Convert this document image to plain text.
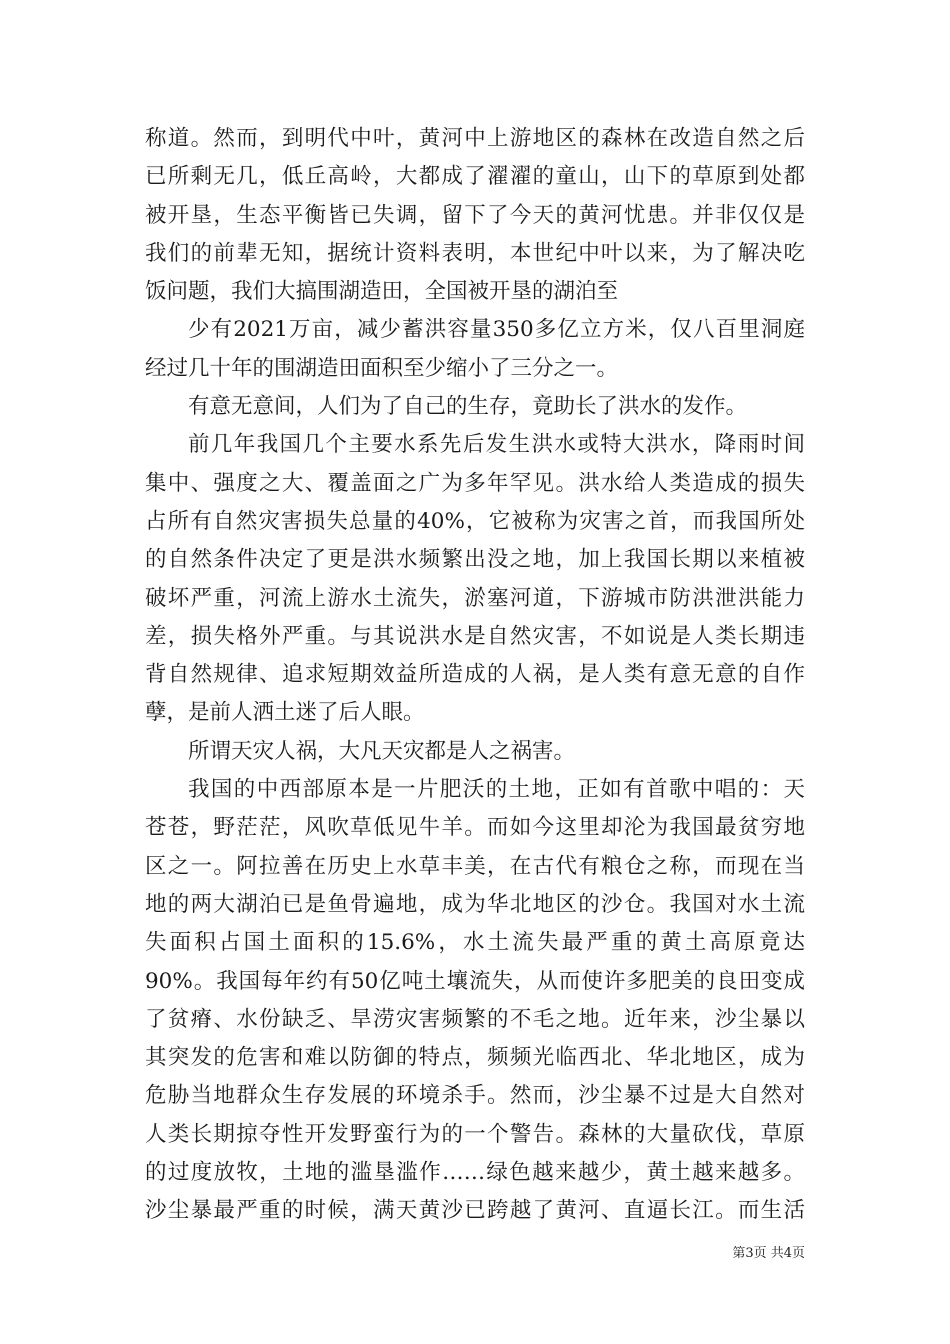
称道。然而，到明代中叶，黄河中上游地区的森林在改造自然之后
已所剩无几，低丘高岭，大都成了濯濯的童山，山下的草原到处都
被开垦，生态平衡皆已失调，留下了今天的黄河忧患。并非仅仅是
我们的前辈无知，据统计资料表明，本世纪中叶以来，为了解决吃
饭问题，我们大搞围湖造田，全国被开垦的湖泊至
少有2021万亩，减少蓄洪容量350多亿立方米，仅八百里洞庭
经过几十年的围湖造田面积至少缩小了三分之一。
有意无意间，人们为了自己的生存，竟助长了洪水的发作。
前几年我国几个主要水系先后发生洪水或特大洪水，降雨时间
集中、强度之大、覆盖面之广为多年罕见。洪水给人类造成的损失
占所有自然灾害损失总量的40%，它被称为灾害之首，而我国所处
的自然条件决定了更是洪水频繁出没之地，加上我国长期以来植被
破坏严重，河流上游水土流失，淤塞河道，下游城市防洪泄洪能力
差，损失格外严重。与其说洪水是自然灾害，不如说是人类长期违
背自然规律、追求短期效益所造成的人祸，是人类有意无意的自作
孽，是前人洒土迷了后人眼。
所谓天灾人祸，大凡天灾都是人之祸害。
我国的中西部原本是一片肥沃的土地，正如有首歌中唱的：天
苍苍，野茫茫，风吹草低见牛羊。而如今这里却沦为我国最贫穷地
区之一。阿拉善在历史上水草丰美，在古代有粮仓之称，而现在当
地的两大湖泊已是鱼骨遍地，成为华北地区的沙仓。我国对水土流
失面积占国土面积的15.6%，水土流失最严重的黄土高原竟达
90%。我国每年约有50亿吨土壤流失，从而使许多肥美的良田变成
了贫瘠、水份缺乏、旱涝灾害频繁的不毛之地。近年来，沙尘暴以
其突发的危害和难以防御的特点，频频光临西北、华北地区，成为
危胁当地群众生存发展的环境杀手。然而，沙尘暴不过是大自然对
人类长期掠夺性开发野蛮行为的一个警告。森林的大量砍伐，草原
的过度放牧，土地的滥垦滥作……绿色越来越少，黄土越来越多。
沙尘暴最严重的时候，满天黄沙已跨越了黄河、直逼长江。而生活
第3页 共4页
